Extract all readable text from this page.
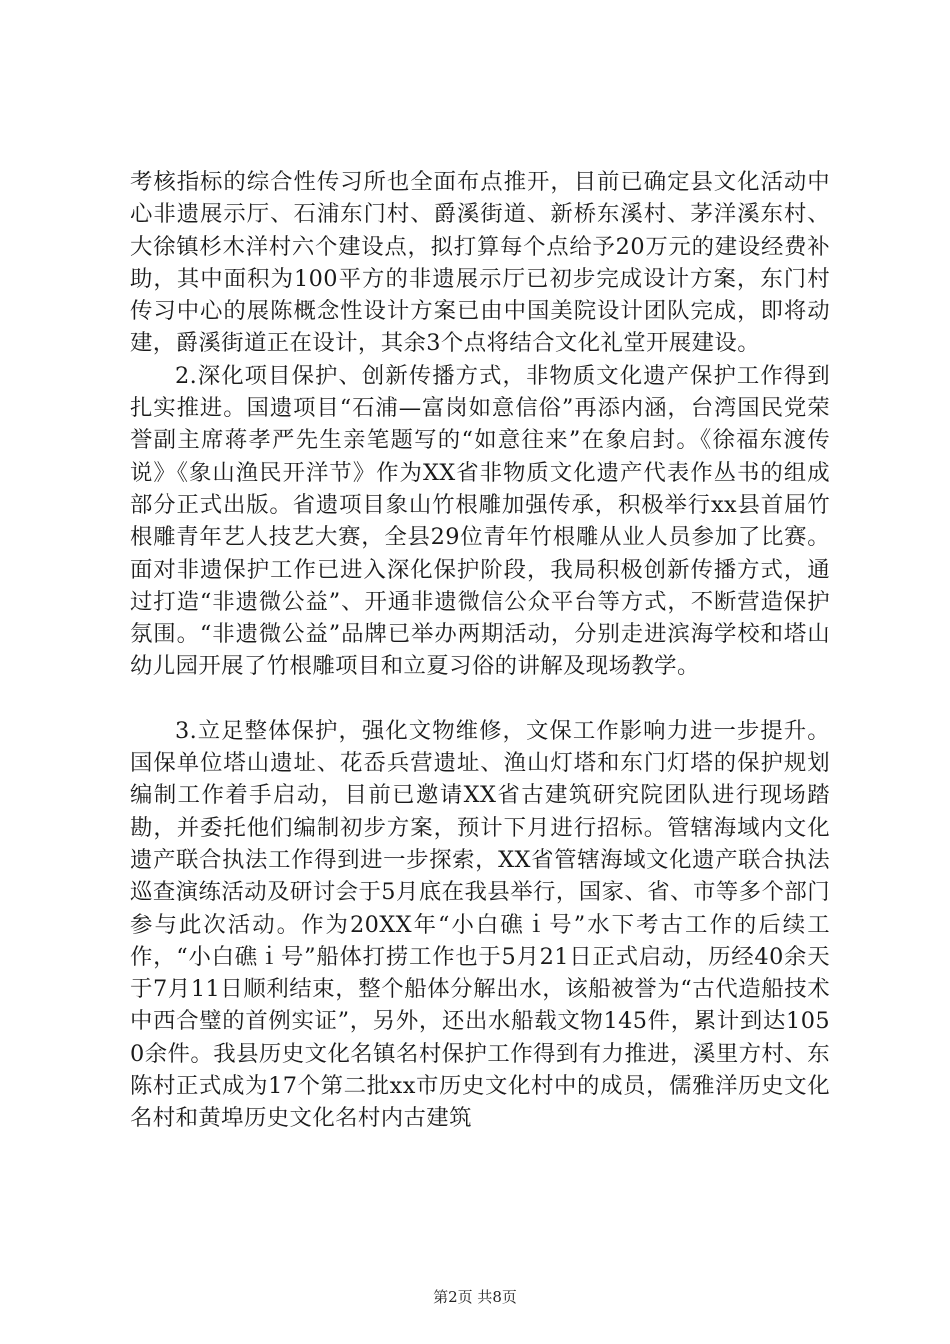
考核指标的综合性传习所也全面布点推开，目前已确定县文化活动中心非遗展示厅、石浦东门村、爵溪街道、新桥东溪村、茅洋溪东村、大徐镇杉木洋村六个建设点，拟打算每个点给予20万元的建设经费补助，其中面积为100平方的非遗展示厅已初步完成设计方案，东门村传习中心的展陈概念性设计方案已由中国美院设计团队完成，即将动建，爵溪街道正在设计，其余3个点将结合文化礼堂开展建设。

2.深化项目保护、创新传播方式，非物质文化遗产保护工作得到扎实推进。国遗项目“石浦—富岗如意信俗”再添内涵，台湾国民党荣誉副主席蒋孝严先生亲笔题写的“如意往来”在象启封。《徐福东渡传说》《象山渔民开洋节》作为XX省非物质文化遗产代表作丛书的组成部分正式出版。省遗项目象山竹根雕加强传承，积极举行xx县首届竹根雕青年艺人技艺大赛，全县29位青年竹根雕从业人员参加了比赛。面对非遗保护工作已进入深化保护阶段，我局积极创新传播方式，通过打造“非遗微公益”、开通非遗微信公众平台等方式，不断营造保护氛围。“非遗微公益”品牌已举办两期活动，分别走进滨海学校和塔山幼儿园开展了竹根雕项目和立夏习俗的讲解及现场教学。

3.立足整体保护，强化文物维修，文保工作影响力进一步提升。国保单位塔山遗址、花岙兵营遗址、渔山灯塔和东门灯塔的保护规划编制工作着手启动，目前已邀请XX省古建筑研究院团队进行现场踏勘，并委托他们编制初步方案，预计下月进行招标。管辖海域内文化遗产联合执法工作得到进一步探索，XX省管辖海域文化遗产联合执法巡查演练活动及研讨会于5月底在我县举行，国家、省、市等多个部门参与此次活动。作为20XX年“小白礁ｉ号”水下考古工作的后续工作，“小白礁ｉ号”船体打捞工作也于5月21日正式启动，历经40余天于7月11日顺利结束，整个船体分解出水，该船被誉为“古代造船技术中西合璧的首例实证”，另外，还出水船载文物145件，累计到达1050余件。我县历史文化名镇名村保护工作得到有力推进，溪里方村、东陈村正式成为17个第二批xx市历史文化村中的成员，儒雅洋历史文化名村和黄埠历史文化名村内古建筑

第2页 共8页
